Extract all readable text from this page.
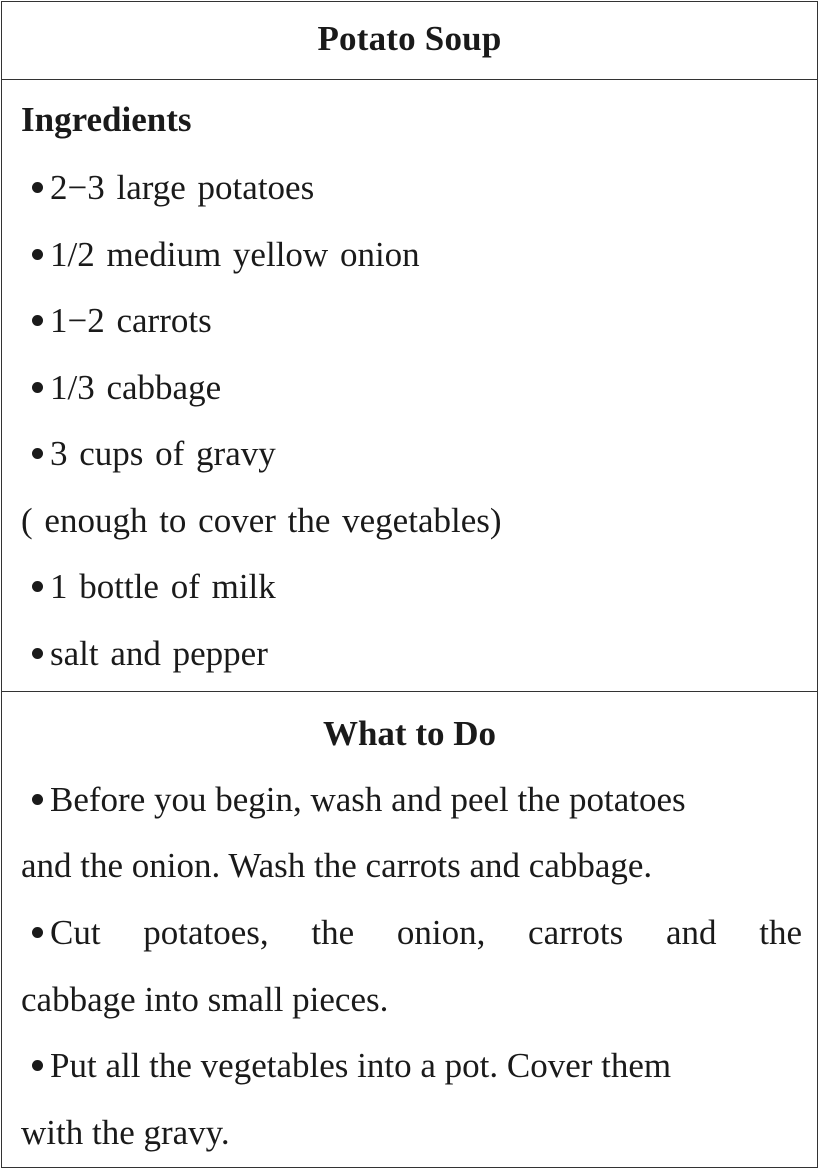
Potato Soup
Ingredients
2−3 large potatoes
1/2 medium yellow onion
1−2 carrots
1/3 cabbage
3 cups of gravy
( enough to cover the vegetables)
1 bottle of milk
salt and pepper
What to Do
Before you begin, wash and peel the potatoes
and the onion. Wash the carrots and cabbage.
Cut potatoes, the onion, carrots and the
cabbage into small pieces.
Put all the vegetables into a pot. Cover them
with the gravy.
